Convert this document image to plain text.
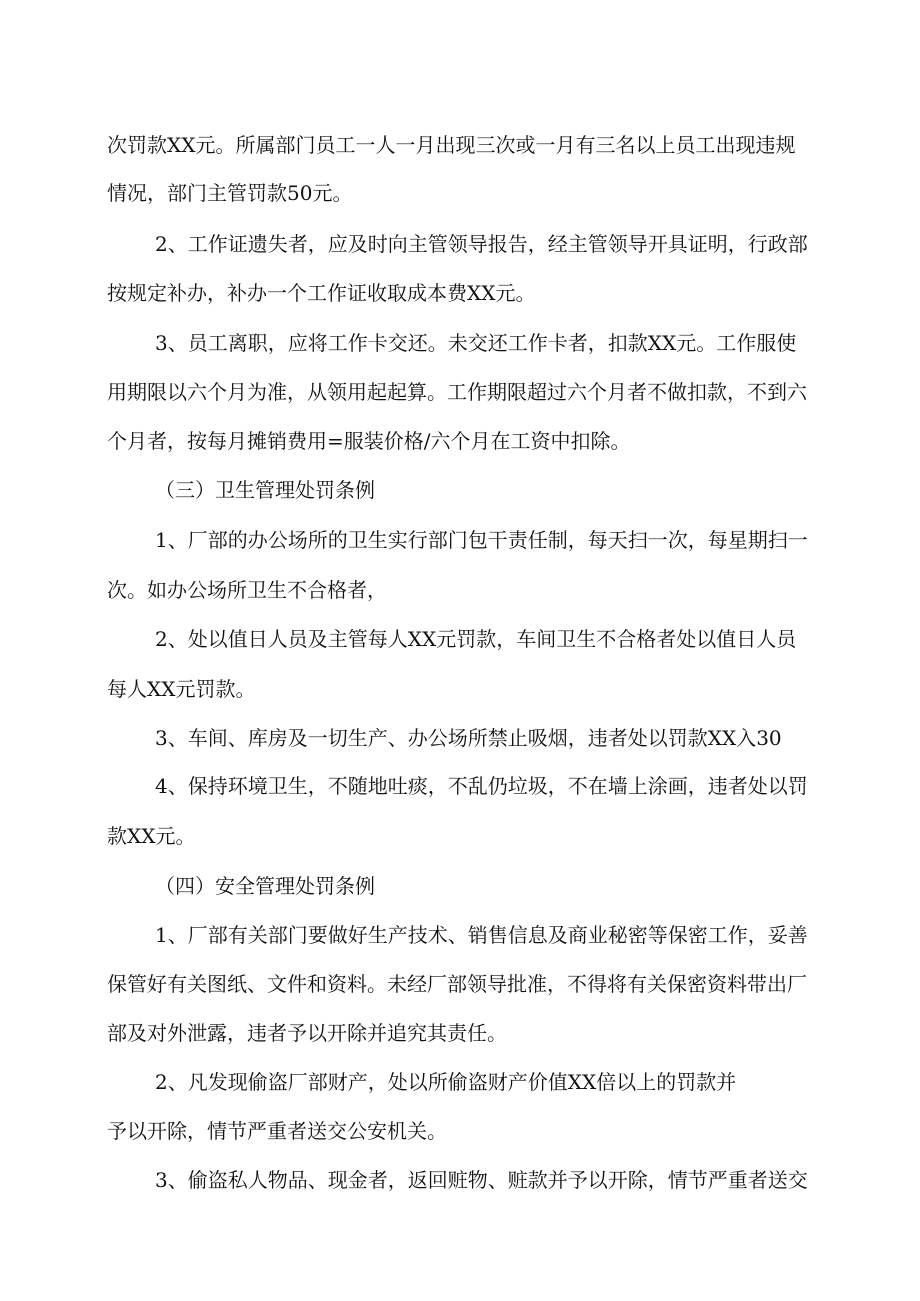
次罚款XX元。所属部门员工一人一月出现三次或一月有三名以上员工出现违规
情况，部门主管罚款50元。
2、工作证遗失者，应及时向主管领导报告，经主管领导开具证明，行政部
按规定补办，补办一个工作证收取成本费XX元。
3、员工离职，应将工作卡交还。未交还工作卡者，扣款XX元。工作服使
用期限以六个月为准，从领用起起算。工作期限超过六个月者不做扣款，不到六
个月者，按每月摊销费用=服装价格/六个月在工资中扣除。
（三）卫生管理处罚条例
1、厂部的办公场所的卫生实行部门包干责任制，每天扫一次，每星期扫一
次。如办公场所卫生不合格者，
2、处以值日人员及主管每人XX元罚款，车间卫生不合格者处以值日人员
每人XX元罚款。
3、车间、库房及一切生产、办公场所禁止吸烟，违者处以罚款XX入30
4、保持环境卫生，不随地吐痰，不乱仍垃圾，不在墙上涂画，违者处以罚
款XX元。
（四）安全管理处罚条例
1、厂部有关部门要做好生产技术、销售信息及商业秘密等保密工作，妥善
保管好有关图纸、文件和资料。未经厂部领导批准，不得将有关保密资料带出厂
部及对外泄露，违者予以开除并追究其责任。
2、凡发现偷盗厂部财产，处以所偷盗财产价值XX倍以上的罚款并
予以开除，情节严重者送交公安机关。
3、偷盗私人物品、现金者，返回赃物、赃款并予以开除，情节严重者送交
